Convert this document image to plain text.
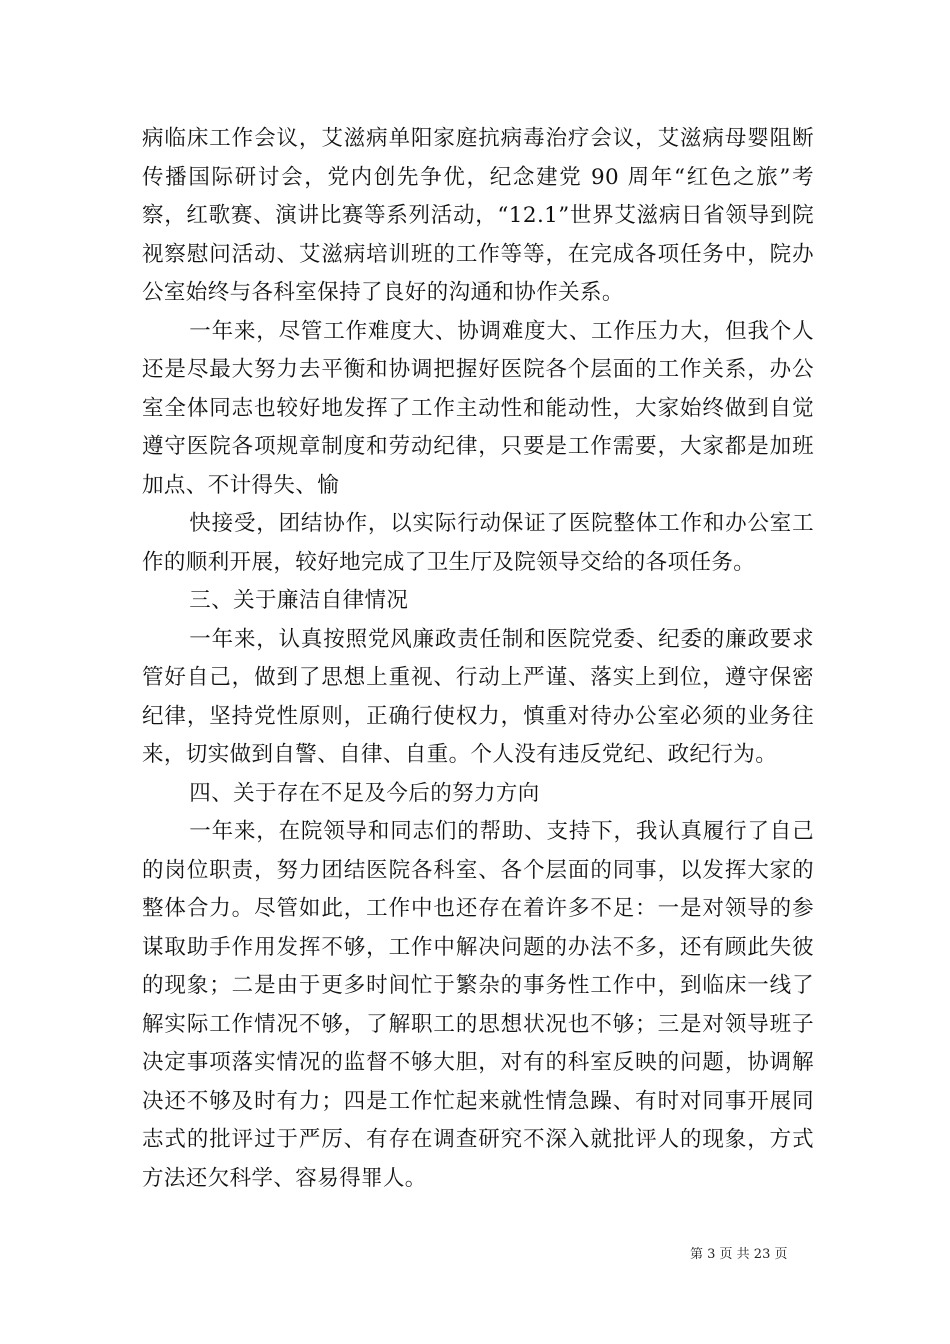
病临床工作会议，艾滋病单阳家庭抗病毒治疗会议，艾滋病母婴阻断传播国际研讨会，党内创先争优，纪念建党 90 周年“红色之旅”考察，红歌赛、演讲比赛等系列活动，“12.1”世界艾滋病日省领导到院视察慰问活动、艾滋病培训班的工作等等，在完成各项任务中，院办公室始终与各科室保持了良好的沟通和协作关系。

一年来，尽管工作难度大、协调难度大、工作压力大，但我个人还是尽最大努力去平衡和协调把握好医院各个层面的工作关系，办公室全体同志也较好地发挥了工作主动性和能动性，大家始终做到自觉遵守医院各项规章制度和劳动纪律，只要是工作需要，大家都是加班加点、不计得失、愉

快接受，团结协作，以实际行动保证了医院整体工作和办公室工作的顺利开展，较好地完成了卫生厅及院领导交给的各项任务。

三、关于廉洁自律情况

一年来，认真按照党风廉政责任制和医院党委、纪委的廉政要求管好自己，做到了思想上重视、行动上严谨、落实上到位，遵守保密纪律，坚持党性原则，正确行使权力，慎重对待办公室必须的业务往来，切实做到自警、自律、自重。个人没有违反党纪、政纪行为。

四、关于存在不足及今后的努力方向

一年来，在院领导和同志们的帮助、支持下，我认真履行了自己的岗位职责，努力团结医院各科室、各个层面的同事，以发挥大家的整体合力。尽管如此，工作中也还存在着许多不足：一是对领导的参谋取助手作用发挥不够，工作中解决问题的办法不多，还有顾此失彼的现象；二是由于更多时间忙于繁杂的事务性工作中，到临床一线了解实际工作情况不够，了解职工的思想状况也不够；三是对领导班子决定事项落实情况的监督不够大胆，对有的科室反映的问题，协调解决还不够及时有力；四是工作忙起来就性情急躁、有时对同事开展同志式的批评过于严厉、有存在调查研究不深入就批评人的现象，方式方法还欠科学、容易得罪人。

第 3 页 共 23 页
